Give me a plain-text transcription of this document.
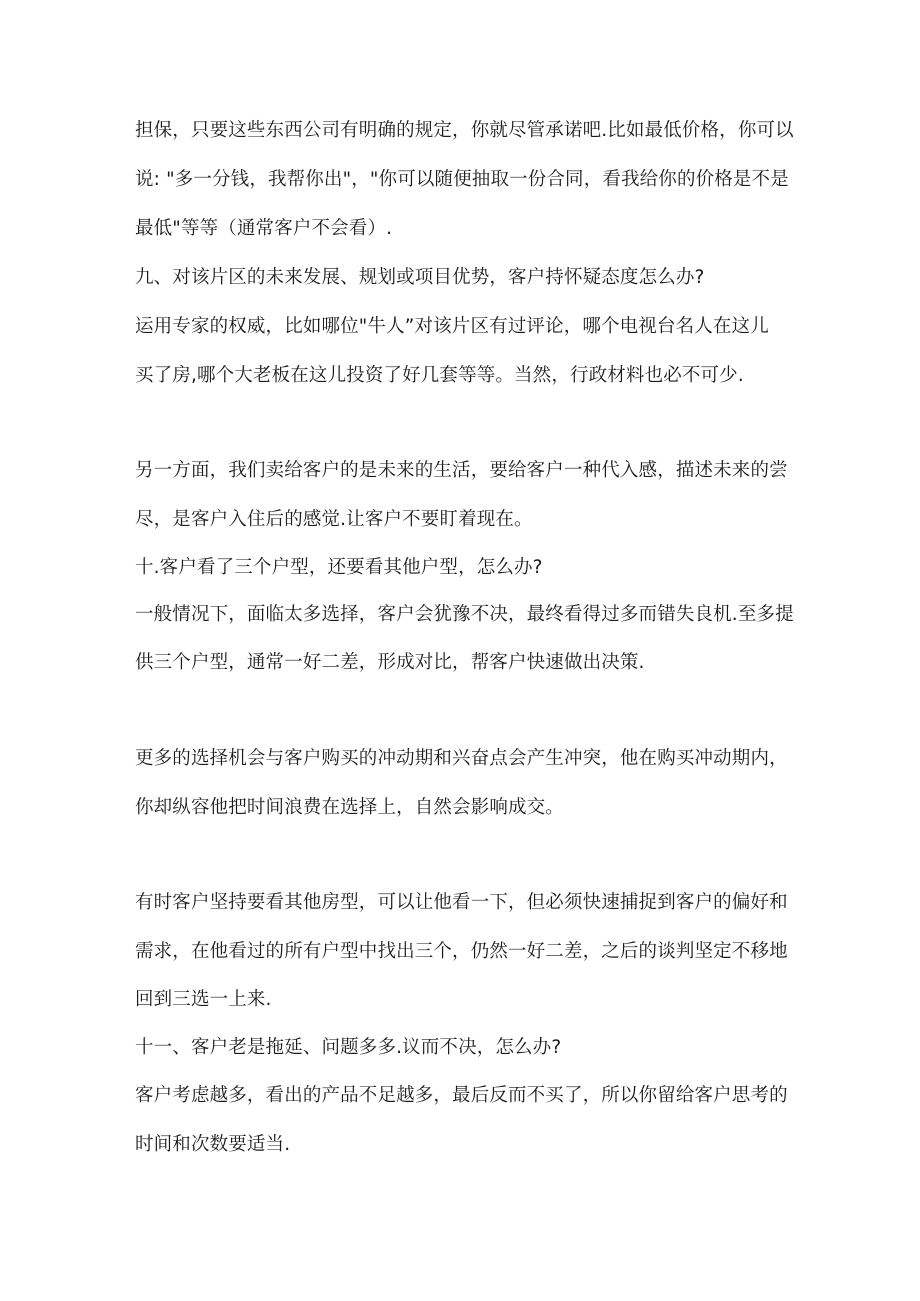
担保，只要这些东西公司有明确的规定，你就尽管承诺吧.比如最低价格，你可以

说: "多一分钱，我帮你出"，"你可以随便抽取一份合同，看我给你的价格是不是

最低"等等（通常客户不会看）.

九、对该片区的未来发展、规划或项目优势，客户持怀疑态度怎么办?

运用专家的权威，比如哪位"牛人”对该片区有过评论，哪个电视台名人在这儿

买了房,哪个大老板在这儿投资了好几套等等。当然，行政材料也必不可少.

另一方面，我们卖给客户的是未来的生活，要给客户一种代入感，描述未来的尝

尽，是客户入住后的感觉.让客户不要盯着现在。

十.客户看了三个户型，还要看其他户型，怎么办?

一般情况下，面临太多选择，客户会犹豫不决，最终看得过多而错失良机.至多提

供三个户型，通常一好二差，形成对比，帮客户快速做出决策.

更多的选择机会与客户购买的冲动期和兴奋点会产生冲突，他在购买冲动期内，

你却纵容他把时间浪费在选择上，自然会影响成交。

有时客户坚持要看其他房型，可以让他看一下，但必须快速捕捉到客户的偏好和

需求，在他看过的所有户型中找出三个，仍然一好二差，之后的谈判坚定不移地

回到三选一上来.

十一、客户老是拖延、问题多多.议而不决，怎么办?

客户考虑越多，看出的产品不足越多，最后反而不买了，所以你留给客户思考的

时间和次数要适当.
